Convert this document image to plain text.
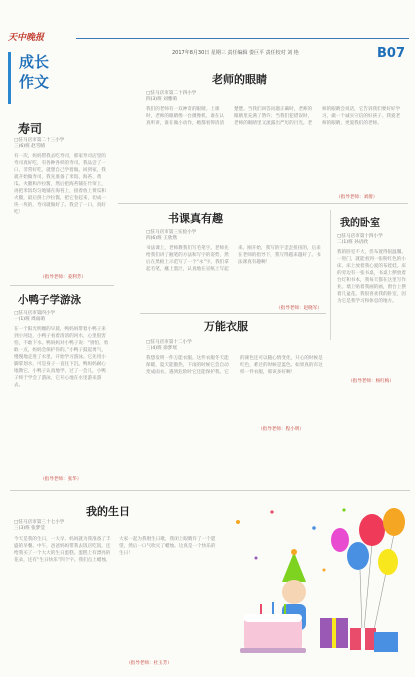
天中晚报
2017年8月30日 星期三 责任编辑 娄巨平 责任校对 刘 艳	B07
成长
作文
寿司
□驻马店市第二十三小学
三(6)班 赵雪晴
有一次，妈妈带我去吃寿司，那家寿司店里的寿司真好吃，有各种各样的寿司。我品尝了一口，非常好吃，就想自己学着做。回到家，我就开始做寿司，我先准备了米饭、海苔、黄瓜、火腿和沙拉酱，然后把海苔铺在竹帘上，再把米饭均匀地铺在海苔上，接着放上黄瓜和火腿，最后挤上沙拉酱，把它卷起来，切成一块一块的，寿司就做好了。我尝了一口，真好吃！
（指导老师：姜利芳）
小鸭子学游泳
□驻马店市第四小学
一(1)班 周雨萌
在一个阳光明媚的早晨，鸭妈妈带着小鸭子来到小河边，小鸭子看着清清的河水，心里很害怕，不敢下水。鸭妈妈对小鸭子说：“别怕，勇敢一点，妈妈会保护你的。”小鸭子鼓起勇气，慢慢地走进了水里，开始学习游泳。它先用小脚掌划水，可是身子一直往下沉。鸭妈妈耐心地教它，小鸭子认真地学，过了一会儿，小鸭子终于学会了游泳，它开心地在水里游来游去。
（指导老师：张华）
老师的眼睛
□驻马店市第二十四小学
四(3)班 刘雅萌
我们的老师有一双神奇的眼睛。上课时，老师的眼睛像一台摄像机，谁在认真听讲，谁在做小动作，她都看得清清楚楚。当我们回答问题正确时，老师的眼睛里充满了赞许；当我们犯错误时，老师的眼睛里又流露出严厉的目光。老师的眼睛会说话，它告诉我们要好好学习，做一个诚实守信的好孩子。我爱老师的眼睛，更爱我们的老师。
（指导老师：刘倩）
书课真有趣
□驻马店市第三实验小学
四(6)班 王欣然
书法课上，老师教我们写毛笔字。老师先给我们讲了握笔的方法和写字的姿势，然后在黑板上示范写了一个“永”字。我们拿起毛笔，蘸上墨汁，认真地在宣纸上写起来。刚开始，我写的字歪歪扭扭的，后来在老师的指导下，我写得越来越好了。书法课真有趣啊！
（指导老师：赵晓军）
我的卧室
□驻马店市第十四小学
二(1)班 孙语欣
我的卧室不大，但布置得很温馨。一进门，就能看到一张粉红色的小床，床上放着我心爱的布娃娃。床的旁边有一张书桌，书桌上摆放着台灯和书本，我每天都在这里写作业。墙上贴着我画的画，窗台上摆着几盆花。我很喜欢我的卧室，因为它是我学习和休息的地方。
（指导老师：杨红梅）
万能衣服
□驻马店市第十二小学
三(4)班 徐梦瑶
我想发明一件万能衣服。这件衣服冬天能保暖，夏天能散热，下雨的时候它会自动变成雨衣，遇到危险时它还能保护我。它的颜色还可以随心情变化，开心的时候是红色，难过的时候是蓝色。如果真的有这样一件衣服，那该多好啊！
（指导老师：程小明）
我的生日
□驻马店市第三十七小学
三(3)班 张梦莹
今天是我的生日，一大早，妈妈就为我准备了丰盛的早餐。中午，爸爸妈妈带我去饭店吃饭，还给我买了一个大大的生日蛋糕。蛋糕上有漂亮的花朵，还有“生日快乐”四个字。我们点上蜡烛，大家一起为我唱生日歌，我闭上眼睛许了一个愿望，然后一口气吹灭了蜡烛。这真是一个快乐的生日！
（指导老师：杜玉芳）
